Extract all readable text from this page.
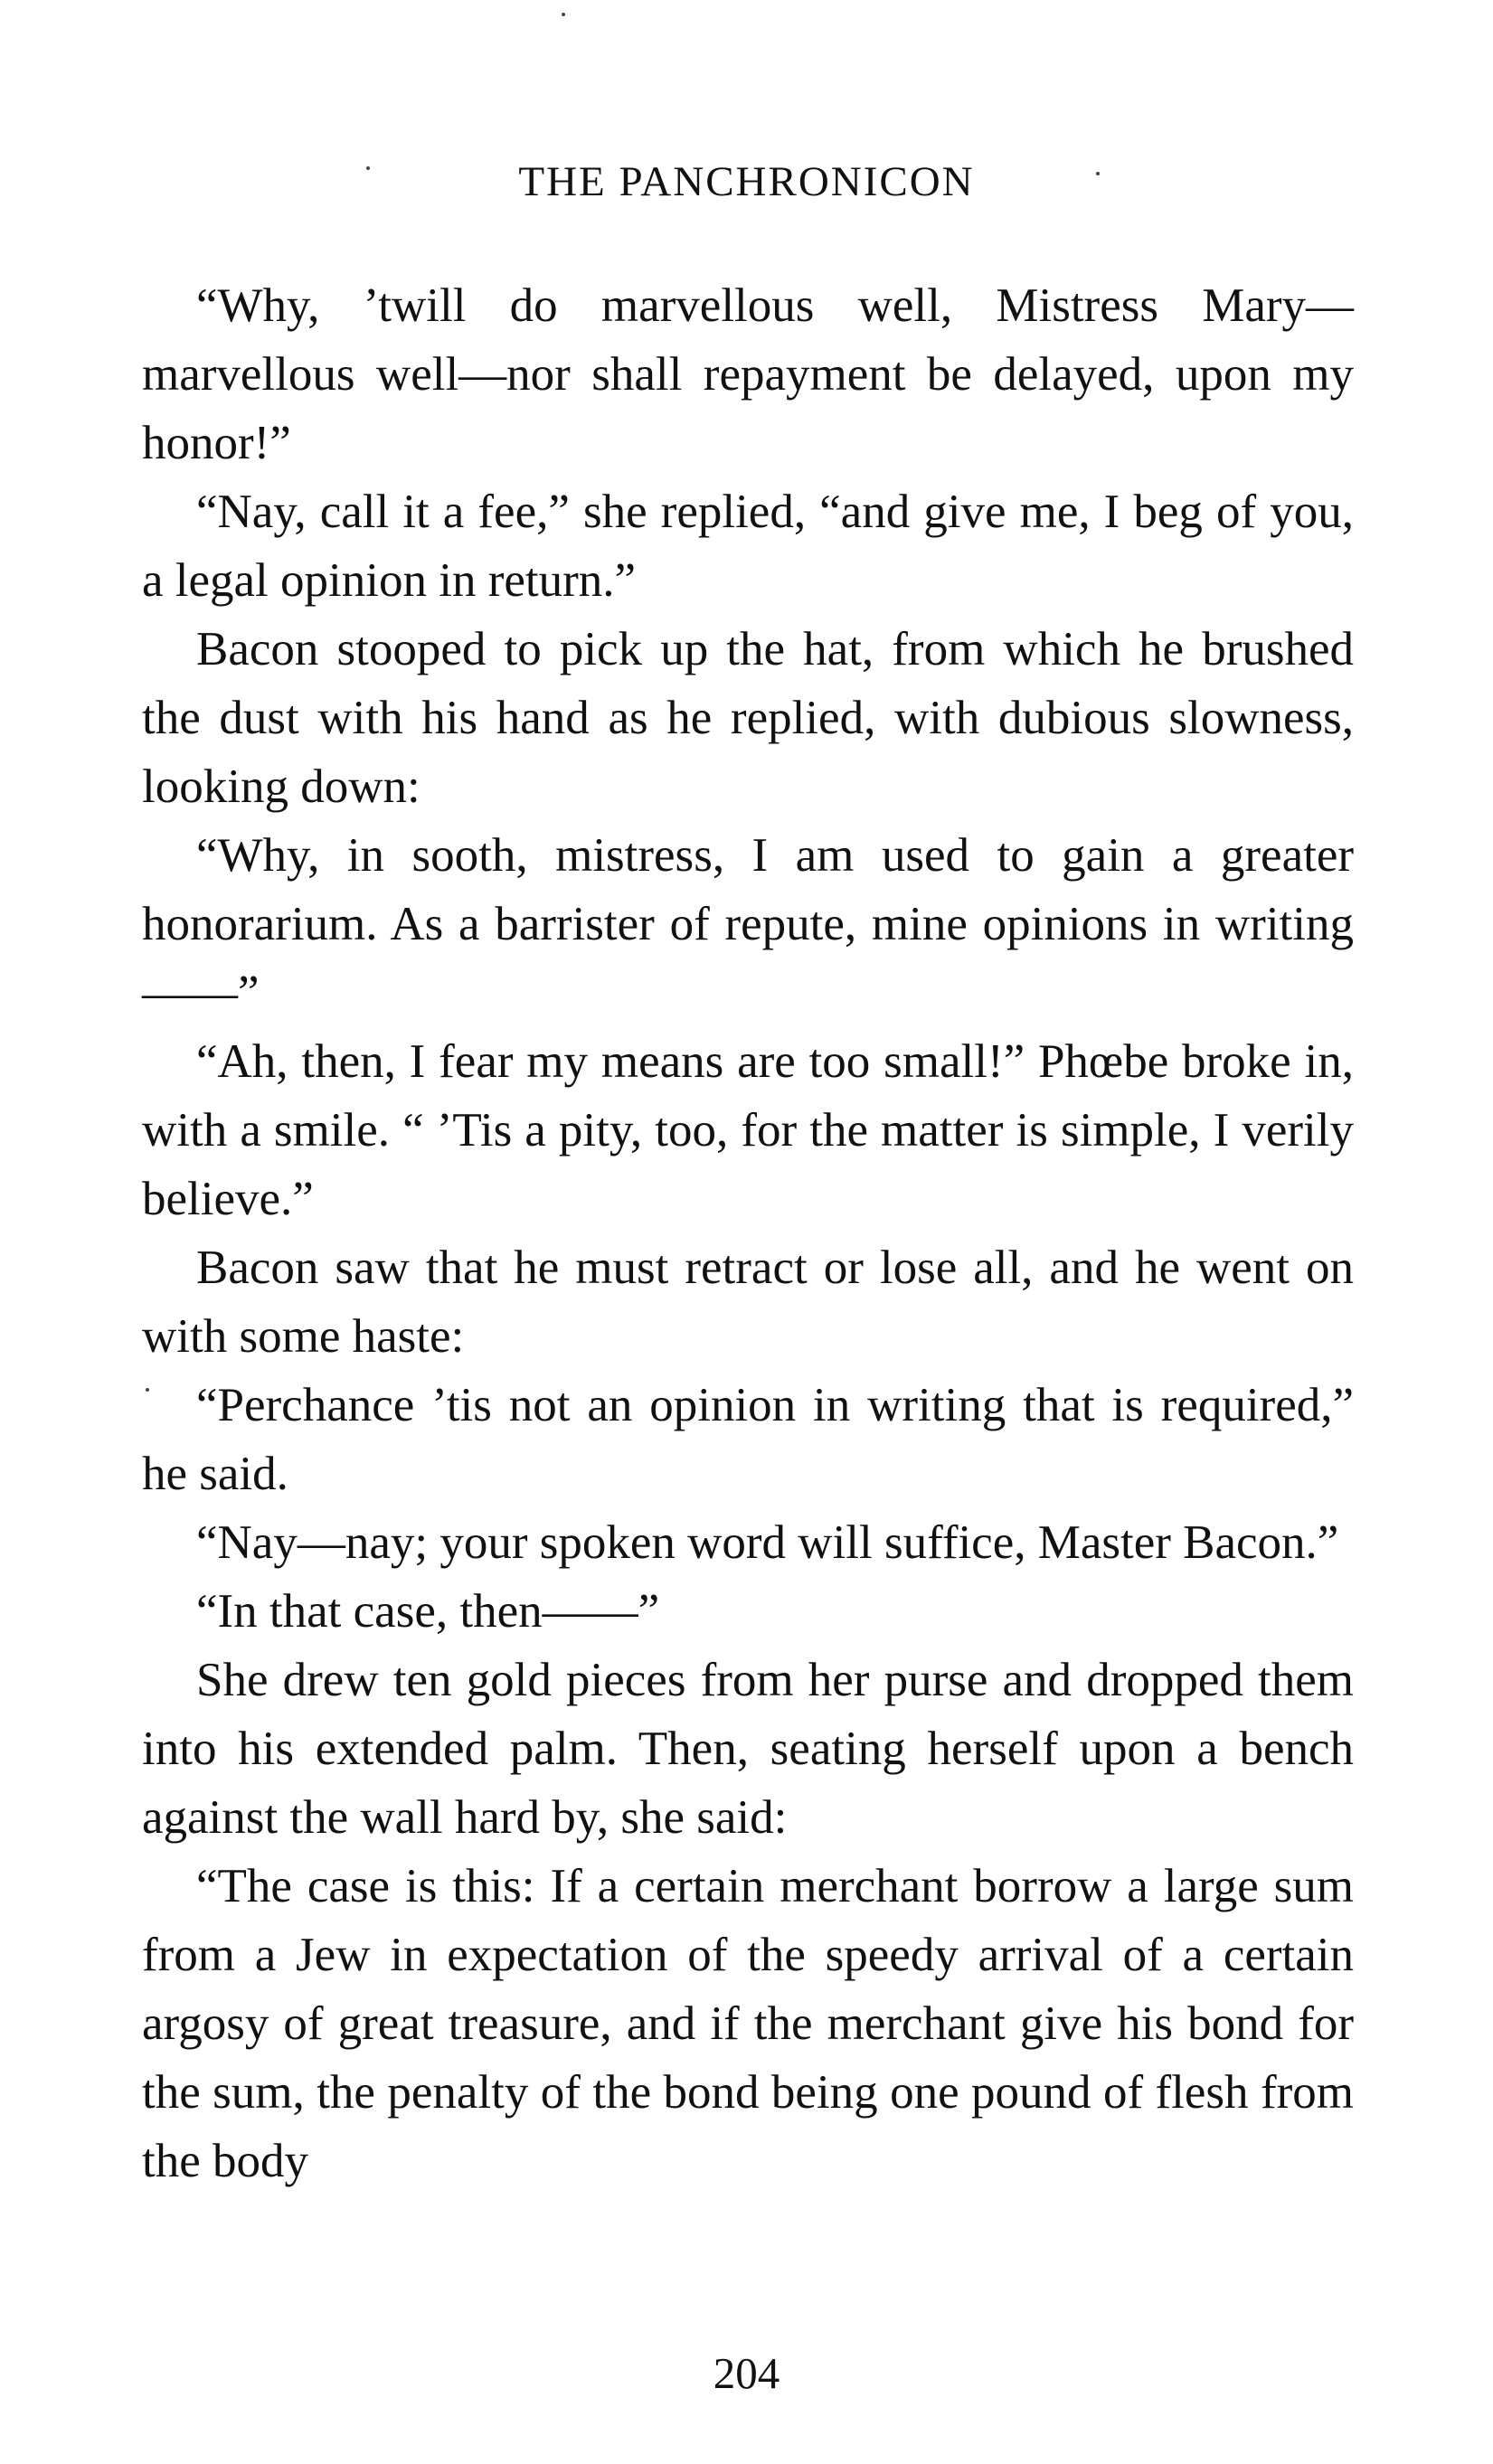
THE PANCHRONICON

“Why, ’twill do marvellous well, Mistress Mary—marvellous well—nor shall repayment be delayed, upon my honor!”

“Nay, call it a fee,” she replied, “and give me, I beg of you, a legal opinion in return.”

Bacon stooped to pick up the hat, from which he brushed the dust with his hand as he replied, with dubious slowness, looking down:

“Why, in sooth, mistress, I am used to gain a greater honorarium. As a barrister of repute, mine opinions in writing——”

“Ah, then, I fear my means are too small!” Phœbe broke in, with a smile. “ ’Tis a pity, too, for the matter is simple, I verily believe.”

Bacon saw that he must retract or lose all, and he went on with some haste:

“Perchance ’tis not an opinion in writing that is required,” he said.

“Nay—nay; your spoken word will suffice, Master Bacon.”

“In that case, then——”

She drew ten gold pieces from her purse and dropped them into his extended palm. Then, seating herself upon a bench against the wall hard by, she said:

“The case is this: If a certain merchant borrow a large sum from a Jew in expectation of the speedy arrival of a certain argosy of great treasure, and if the merchant give his bond for the sum, the penalty of the bond being one pound of flesh from the body

204
